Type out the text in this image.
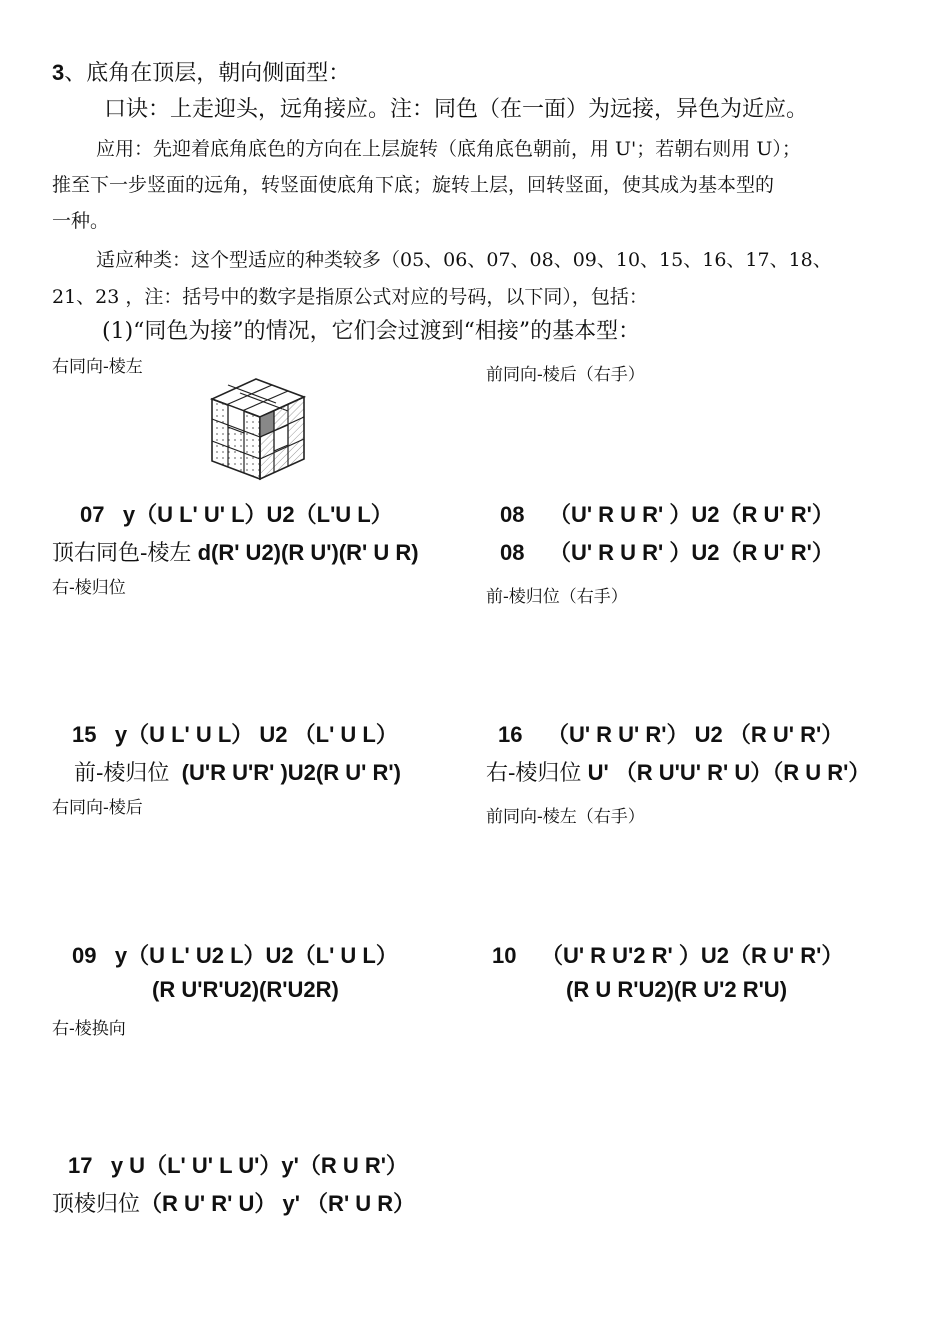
3、底角在顶层，朝向侧面型：
口诀：上走迎头，远角接应。注：同色（在一面）为远接，异色为近应。
应用：先迎着底角底色的方向在上层旋转（底角底色朝前，用 U'；若朝右则用 U）；
推至下一步竖面的远角，转竖面使底角下底；旋转上层，回转竖面，使其成为基本型的
一种。
适应种类：这个型适应的种类较多（05、06、07、08、09、10、15、16、17、18、
21、23 ，注：括号中的数字是指原公式对应的号码，以下同），包括：
(1)“同色为接”的情况，它们会过渡到“相接”的基本型：
右同向-棱左	前同向-棱后（右手）
07 y（U L' U' L）U2（L'U L）	08 （U' R U R' ）U2（R U' R'）
顶右同色-棱左 d(R' U2)(R U')(R' U R)	08 （U' R U R' ）U2（R U' R'）
右-棱归位	前-棱归位（右手）
15 y（U L' U L） U2 （L' U L）	16 （U' R U' R'） U2 （R U' R'）
前-棱归位 (U'R U'R' )U2(R U' R')	右-棱归位 U' （R U'U' R' U）（R U R'）
右同向-棱后	前同向-棱左（右手）
09 y（U L' U2 L）U2（L' U L）	10 （U' R U'2 R' ）U2（R U' R'）
(R U'R'U2)(R'U2R)	(R U R'U2)(R U'2 R'U)
右-棱换向
17 y U（L' U' L U'）y'（R U R'）
顶棱归位（R U' R' U） y' （R' U R）
